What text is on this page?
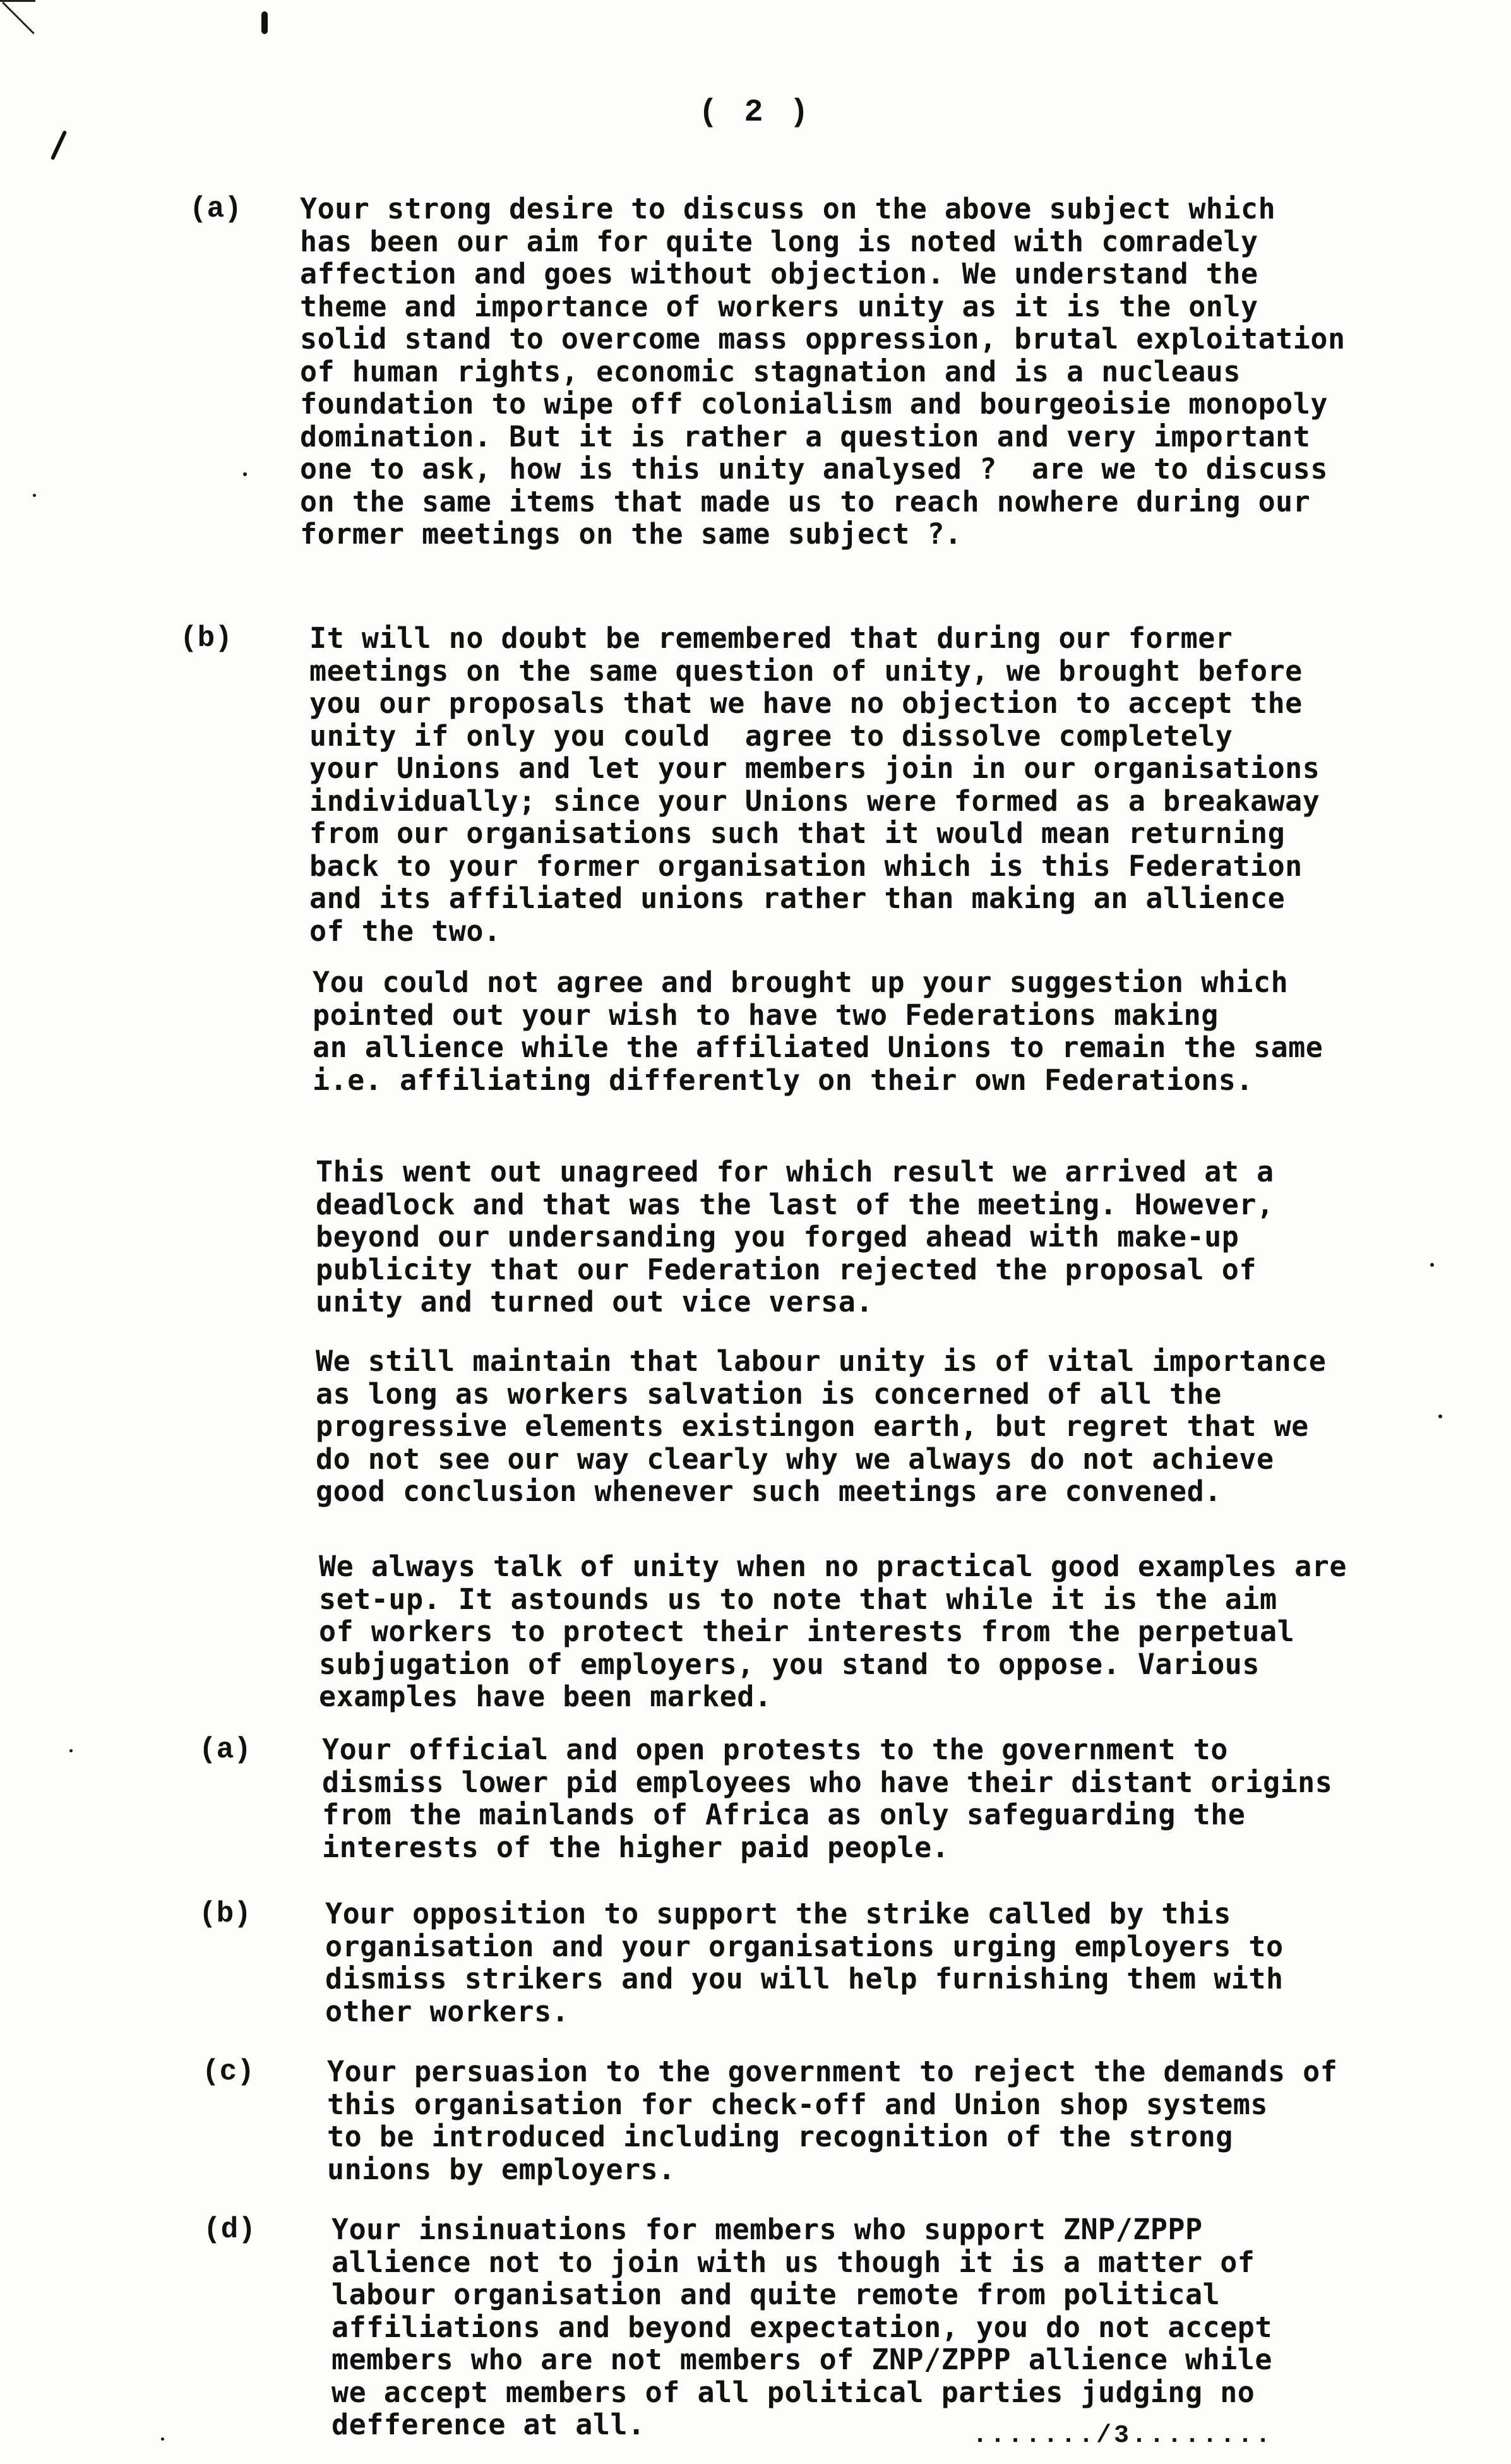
( 2 )
(a) Your strong desire to discuss on the above subject which
has been our aim for quite long is noted with comradely
affection and goes without objection. We understand the
theme and importance of workers unity as it is the only
solid stand to overcome mass oppression, brutal exploitation
of human rights, economic stagnation and is a nucleaus
foundation to wipe off colonialism and bourgeoisie monopoly
domination. But it is rather a question and very important
one to ask, how is this unity analysed ?  are we to discuss
on the same items that made us to reach nowhere during our
former meetings on the same subject ?.
(b)	It will no doubt be remembered that during our former
meetings on the same question of unity, we brought before
you our proposals that we have no objection to accept the
unity if only you could  agree to dissolve completely
your Unions and let your members join in our organisations
individually; since your Unions were formed as a breakaway
from our organisations such that it would mean returning
back to your former organisation which is this Federation
and its affiliated unions rather than making an allience
of the two.
You could not agree and brought up your suggestion which
pointed out your wish to have two Federations making
an allience while the affiliated Unions to remain the same
i.e. affiliating differently on their own Federations.
This went out unagreed for which result we arrived at a
deadlock and that was the last of the meeting. However,
beyond our undersanding you forged ahead with make-up
publicity that our Federation rejected the proposal of
unity and turned out vice versa.
We still maintain that labour unity is of vital importance
as long as workers salvation is concerned of all the
progressive elements existingon earth, but regret that we
do not see our way clearly why we always do not achieve
good conclusion whenever such meetings are convened.
We always talk of unity when no practical good examples are
set-up. It astounds us to note that while it is the aim
of workers to protect their interests from the perpetual
subjugation of employers, you stand to oppose. Various
examples have been marked.
(a) Your official and open protests to the government to
dismiss lower pid employees who have their distant origins
from the mainlands of Africa as only safeguarding the
interests of the higher paid people.
(b)	Your opposition to support the strike called by this
organisation and your organisations urging employers to
dismiss strikers and you will help furnishing them with
other workers.
(c)	Your persuasion to the government to reject the demands of
this organisation for check-off and Union shop systems
to be introduced including recognition of the strong
unions by employers.
(d)	Your insinuations for members who support ZNP/ZPPP
allience not to join with us though it is a matter of
labour organisation and quite remote from political
affiliations and beyond expectation, you do not accept
members who are not members of ZNP/ZPPP allience while
we accept members of all political parties judging no
defference at all.	......./3........
